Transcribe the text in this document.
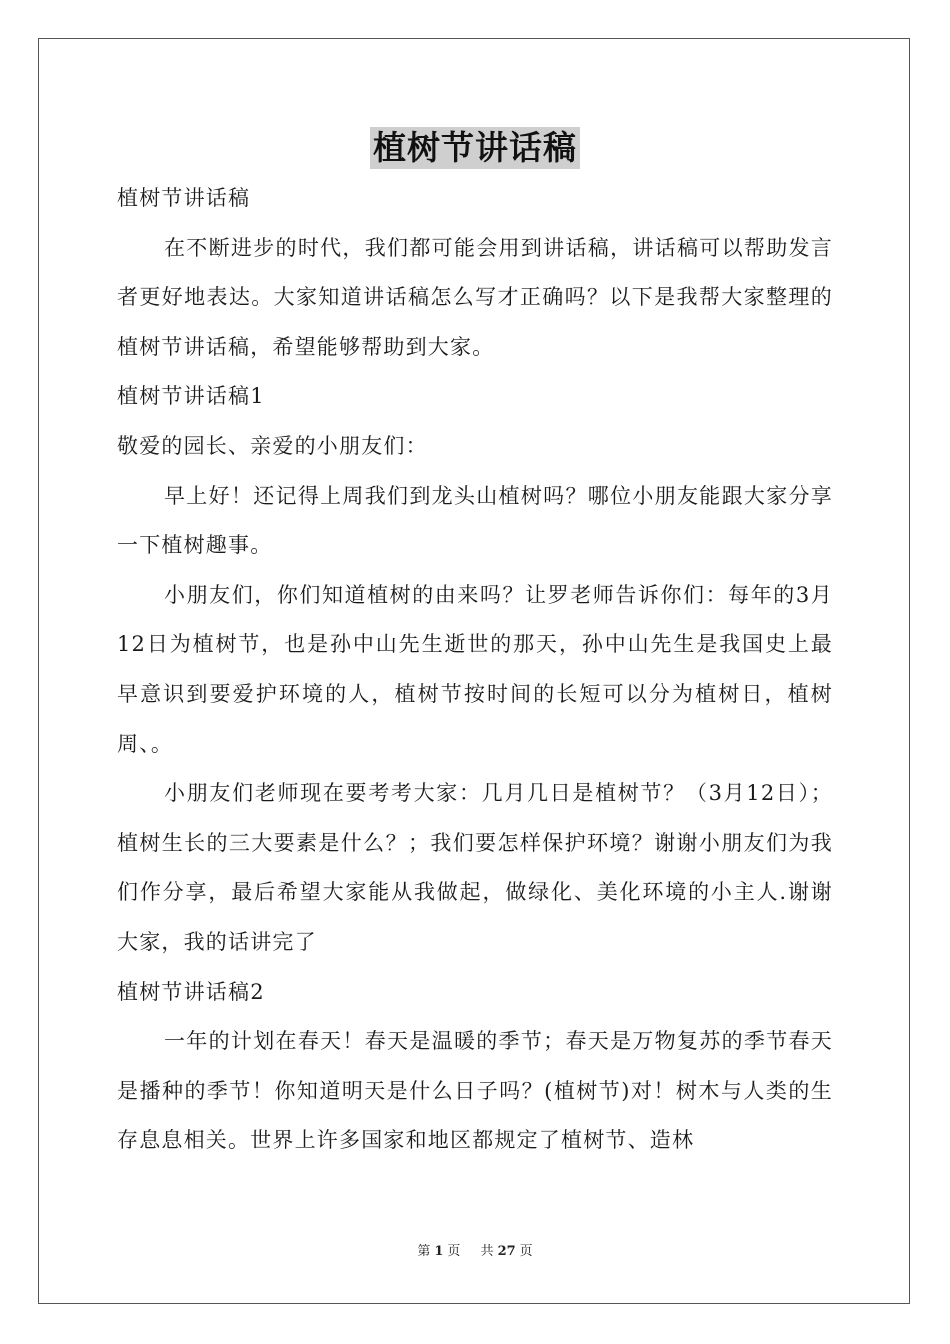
植树节讲话稿

植树节讲话稿

在不断进步的时代，我们都可能会用到讲话稿，讲话稿可以帮助发言者更好地表达。大家知道讲话稿怎么写才正确吗？以下是我帮大家整理的植树节讲话稿，希望能够帮助到大家。

植树节讲话稿1

敬爱的园长、亲爱的小朋友们：

早上好！还记得上周我们到龙头山植树吗？哪位小朋友能跟大家分享一下植树趣事。

小朋友们，你们知道植树的由来吗？让罗老师告诉你们：每年的3月12日为植树节，也是孙中山先生逝世的那天，孙中山先生是我国史上最早意识到要爱护环境的人，植树节按时间的长短可以分为植树日，植树周、。

小朋友们老师现在要考考大家：几月几日是植树节？（3月12日）；植树生长的三大要素是什么？；我们要怎样保护环境？谢谢小朋友们为我们作分享，最后希望大家能从我做起，做绿化、美化环境的小主人.谢谢大家，我的话讲完了

植树节讲话稿2

一年的计划在春天！春天是温暖的季节；春天是万物复苏的季节春天是播种的季节！你知道明天是什么日子吗？(植树节)对！树木与人类的生存息息相关。世界上许多国家和地区都规定了植树节、造林

第 1 页 共 27 页
